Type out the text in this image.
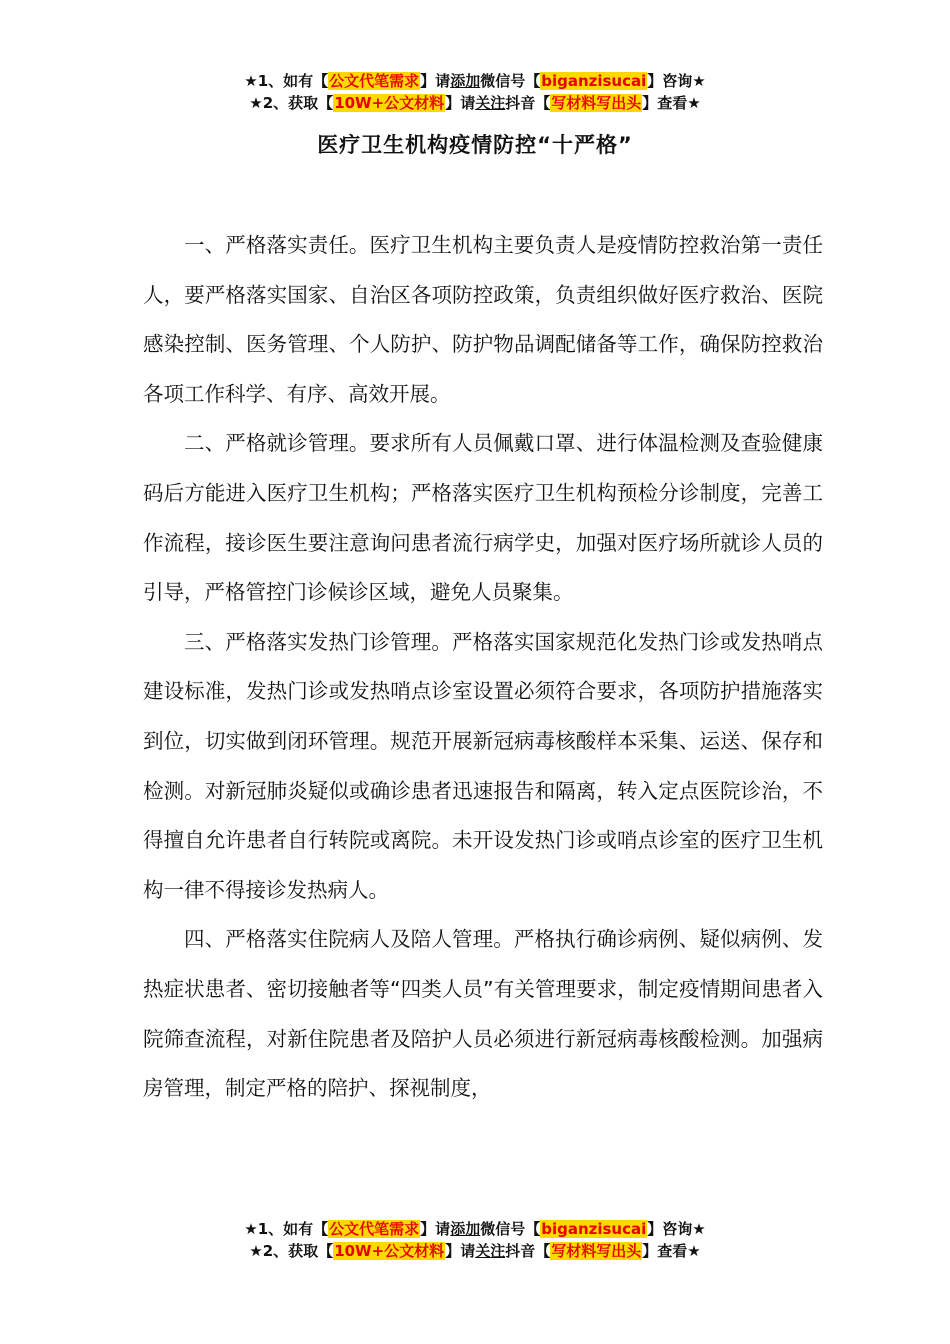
★1、如有【公文代笔需求】请添加微信号【biganzisucai】咨询★
★2、获取【10W+公文材料】请关注抖音【写材料写出头】查看★
医疗卫生机构疫情防控“十严格”

一、严格落实责任。医疗卫生机构主要负责人是疫情防控救治第一责任人，要严格落实国家、自治区各项防控政策，负责组织做好医疗救治、医院感染控制、医务管理、个人防护、防护物品调配储备等工作，确保防控救治各项工作科学、有序、高效开展。

二、严格就诊管理。要求所有人员佩戴口罩、进行体温检测及查验健康码后方能进入医疗卫生机构；严格落实医疗卫生机构预检分诊制度，完善工作流程，接诊医生要注意询问患者流行病学史，加强对医疗场所就诊人员的引导，严格管控门诊候诊区域，避免人员聚集。

三、严格落实发热门诊管理。严格落实国家规范化发热门诊或发热哨点建设标准，发热门诊或发热哨点诊室设置必须符合要求，各项防护措施落实到位，切实做到闭环管理。规范开展新冠病毒核酸样本采集、运送、保存和检测。对新冠肺炎疑似或确诊患者迅速报告和隔离，转入定点医院诊治，不得擅自允许患者自行转院或离院。未开设发热门诊或哨点诊室的医疗卫生机构一律不得接诊发热病人。

四、严格落实住院病人及陪人管理。严格执行确诊病例、疑似病例、发热症状患者、密切接触者等“四类人员”有关管理要求，制定疫情期间患者入院筛查流程，对新住院患者及陪护人员必须进行新冠病毒核酸检测。加强病房管理，制定严格的陪护、探视制度，

★1、如有【公文代笔需求】请添加微信号【biganzisucai】咨询★
★2、获取【10W+公文材料】请关注抖音【写材料写出头】查看★
